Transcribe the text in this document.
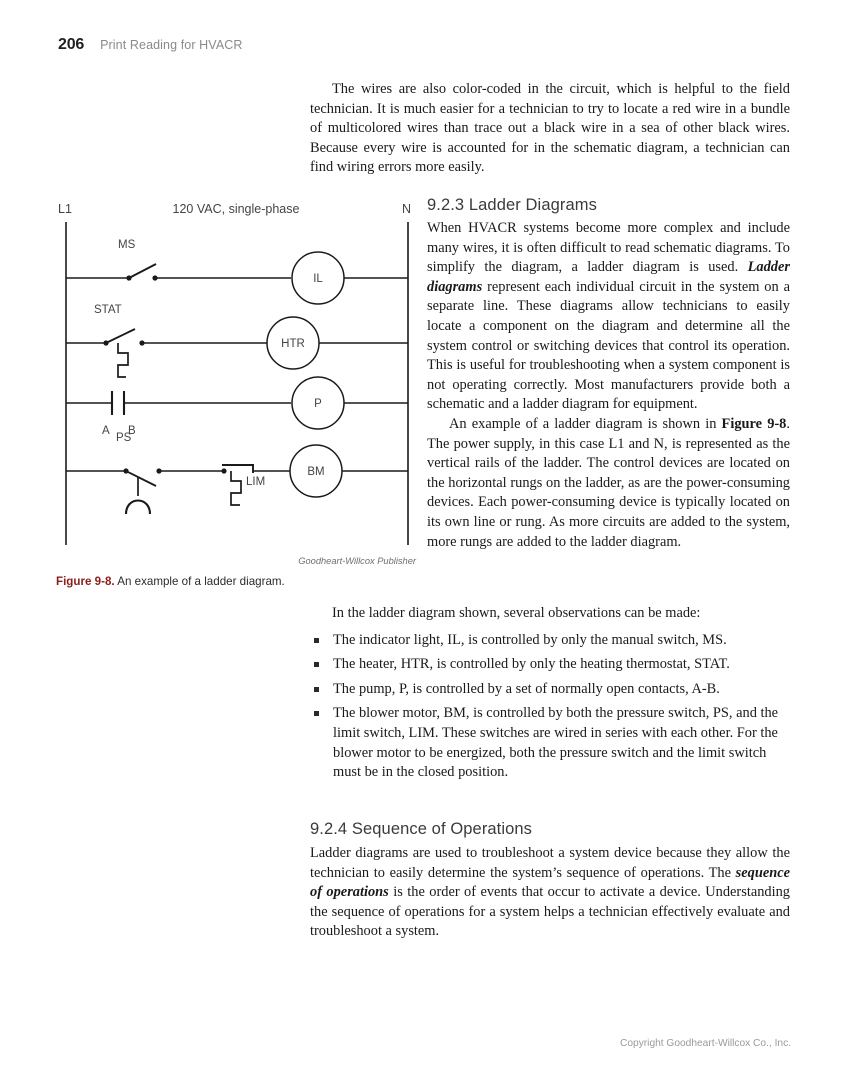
206 Print Reading for HVACR

The wires are also color-coded in the circuit, which is helpful to the field technician. It is much easier for a technician to try to locate a red wire in a bundle of multicolored wires than trace out a black wire in a sea of other black wires. Because every wire is accounted for in the schematic diagram, a technician can find wiring errors more easily.

L1	N
120 VAC, single-phase
MS
IL
STAT
HTR
A B
P
PS
LIM
BM
Goodheart-Willcox Publisher
Figure 9-8. An example of a ladder diagram.
9.2.3 Ladder Diagrams

When HVACR systems become more complex and include many wires, it is often difficult to read schematic diagrams. To simplify the diagram, a ladder diagram is used. Ladder diagrams represent each individual circuit in the system on a separate line. These diagrams allow technicians to easily locate a component on the diagram and determine all the system control or switching devices that control its operation. This is useful for troubleshooting when a system component is not operating correctly. Most manufacturers provide both a schematic and a ladder diagram for equipment.

An example of a ladder diagram is shown in Figure 9-8. The power supply, in this case L1 and N, is represented as the vertical rails of the ladder. The control devices are located on the horizontal rungs on the ladder, as are the power-consuming devices. Each power-consuming device is typically located on its own line or rung. As more circuits are added to the system, more rungs are added to the ladder diagram.

In the ladder diagram shown, several observations can be made:

The indicator light, IL, is controlled by only the manual switch, MS.
The heater, HTR, is controlled by only the heating thermostat, STAT.
The pump, P, is controlled by a set of normally open contacts, A-B.
The blower motor, BM, is controlled by both the pressure switch, PS, and the limit switch, LIM. These switches are wired in series with each other. For the blower motor to be energized, both the pressure switch and the limit switch must be in the closed position.
9.2.4 Sequence of Operations

Ladder diagrams are used to troubleshoot a system device because they allow the technician to easily determine the system’s sequence of operations. The sequence of operations is the order of events that occur to activate a device. Understanding the sequence of operations for a system helps a technician effectively evaluate and troubleshoot a system.

Copyright Goodheart-Willcox Co., Inc.
